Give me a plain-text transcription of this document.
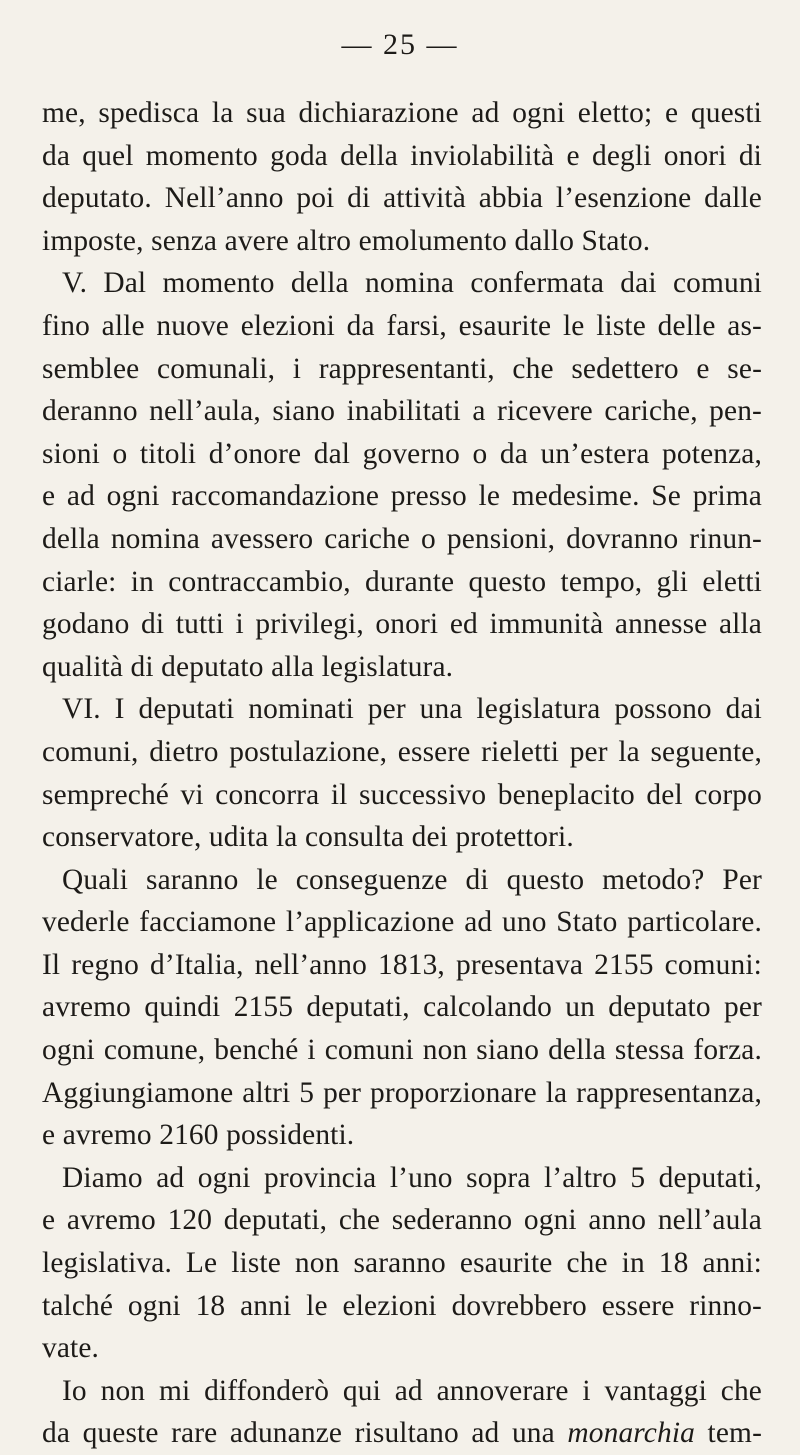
— 25 —
me, spedisca la sua dichiarazione ad ogni eletto; e questi
da quel momento goda della inviolabilità e degli onori di
deputato. Nell’anno poi di attività abbia l’esenzione dalle
imposte, senza avere altro emolumento dallo Stato.
V. Dal momento della nomina confermata dai comuni
fino alle nuove elezioni da farsi, esaurite le liste delle as-
semblee comunali, i rappresentanti, che sedettero e se-
deranno nell’aula, siano inabilitati a ricevere cariche, pen-
sioni o titoli d’onore dal governo o da un’estera potenza,
e ad ogni raccomandazione presso le medesime. Se prima
della nomina avessero cariche o pensioni, dovranno rinun-
ciarle: in contraccambio, durante questo tempo, gli eletti
godano di tutti i privilegi, onori ed immunità annesse alla
qualità di deputato alla legislatura.
VI. I deputati nominati per una legislatura possono dai
comuni, dietro postulazione, essere rieletti per la seguente,
sempreché vi concorra il successivo beneplacito del corpo
conservatore, udita la consulta dei protettori.
Quali saranno le conseguenze di questo metodo? Per
vederle facciamone l’applicazione ad uno Stato particolare.
Il regno d’Italia, nell’anno 1813, presentava 2155 comuni:
avremo quindi 2155 deputati, calcolando un deputato per
ogni comune, benché i comuni non siano della stessa forza.
Aggiungiamone altri 5 per proporzionare la rappresentanza,
e avremo 2160 possidenti.
Diamo ad ogni provincia l’uno sopra l’altro 5 deputati,
e avremo 120 deputati, che sederanno ogni anno nell’aula
legislativa. Le liste non saranno esaurite che in 18 anni:
talché ogni 18 anni le elezioni dovrebbero essere rinno-
vate.
Io non mi diffonderò qui ad annoverare i vantaggi che
da queste rare adunanze risultano ad una monarchia tem-
